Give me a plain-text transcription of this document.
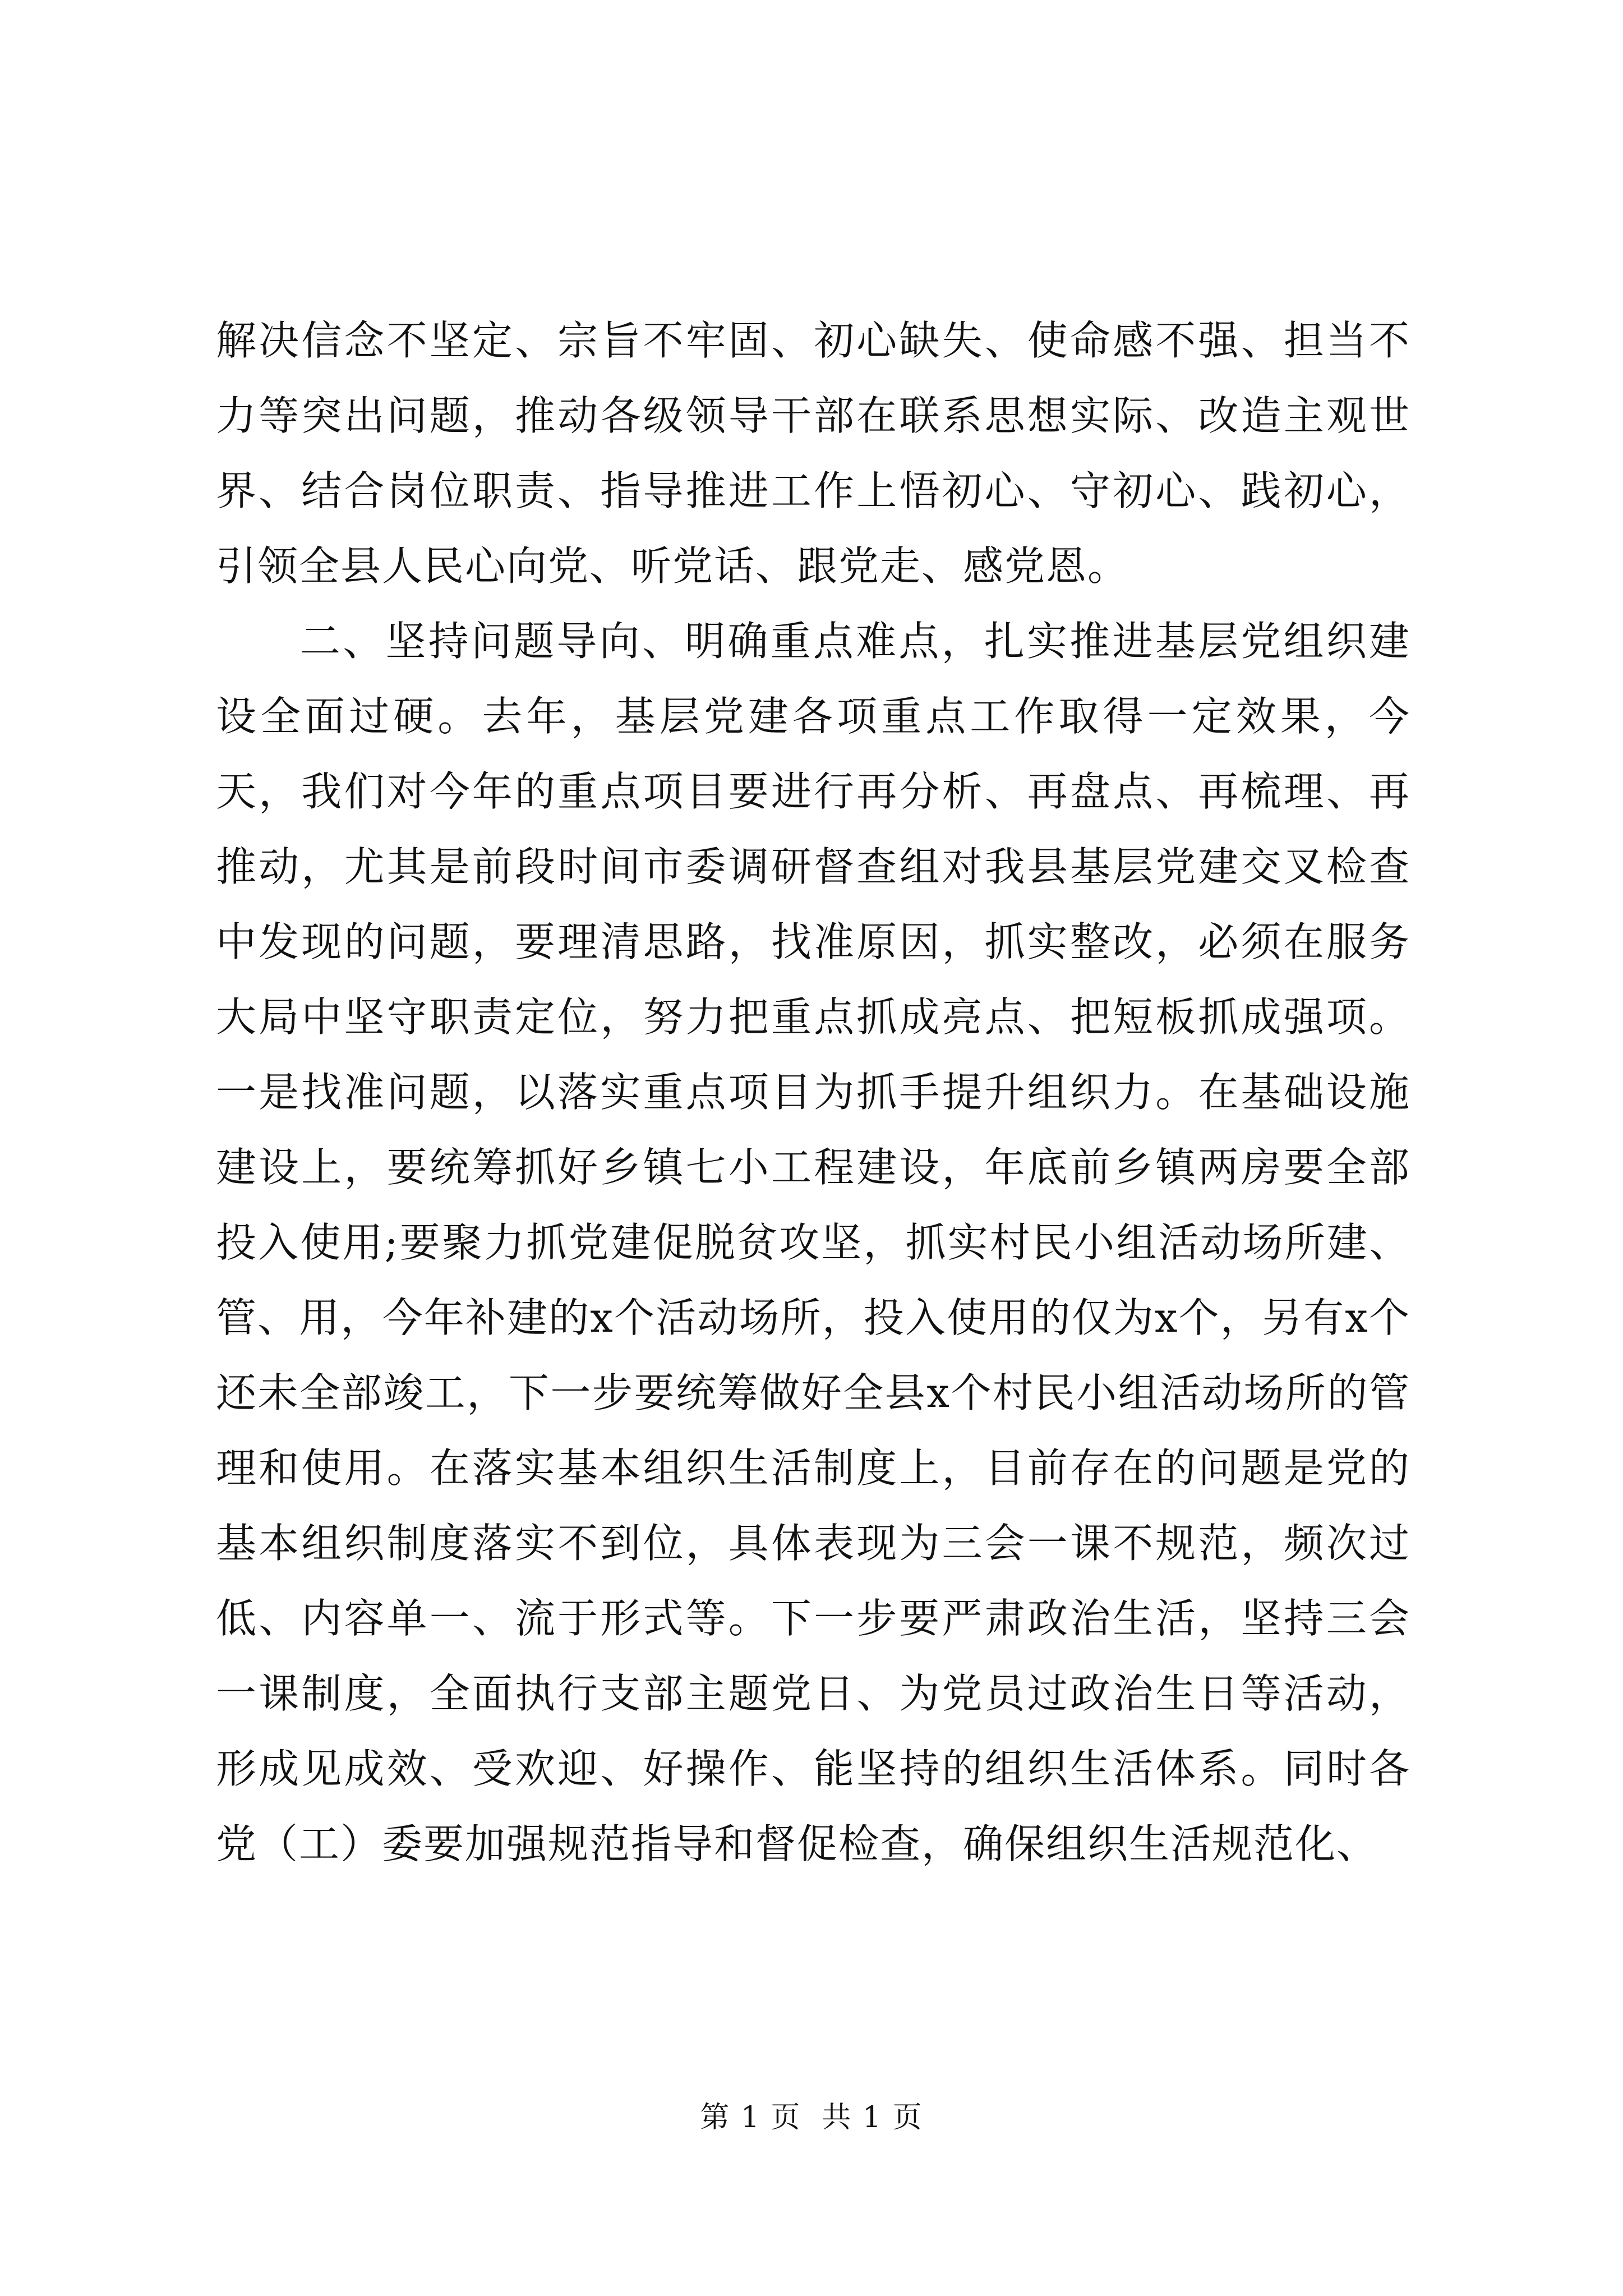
解决信念不坚定、宗旨不牢固、初心缺失、使命感不强、担当不力等突出问题，推动各级领导干部在联系思想实际、改造主观世界、结合岗位职责、指导推进工作上悟初心、守初心、践初心，引领全县人民心向党、听党话、跟党走、感党恩。

二、坚持问题导向、明确重点难点，扎实推进基层党组织建设全面过硬。去年，基层党建各项重点工作取得一定效果，今天，我们对今年的重点项目要进行再分析、再盘点、再梳理、再推动，尤其是前段时间市委调研督查组对我县基层党建交叉检查中发现的问题，要理清思路，找准原因，抓实整改，必须在服务大局中坚守职责定位，努力把重点抓成亮点、把短板抓成强项。一是找准问题，以落实重点项目为抓手提升组织力。在基础设施建设上，要统筹抓好乡镇七小工程建设，年底前乡镇两房要全部投入使用;要聚力抓党建促脱贫攻坚，抓实村民小组活动场所建、管、用，今年补建的x个活动场所，投入使用的仅为x个，另有x个还未全部竣工，下一步要统筹做好全县x个村民小组活动场所的管理和使用。在落实基本组织生活制度上，目前存在的问题是党的基本组织制度落实不到位，具体表现为三会一课不规范，频次过低、内容单一、流于形式等。下一步要严肃政治生活，坚持三会一课制度，全面执行支部主题党日、为党员过政治生日等活动，形成见成效、受欢迎、好操作、能坚持的组织生活体系。同时各党（工）委要加强规范指导和督促检查，确保组织生活规范化、

第 1 页  共 1 页
